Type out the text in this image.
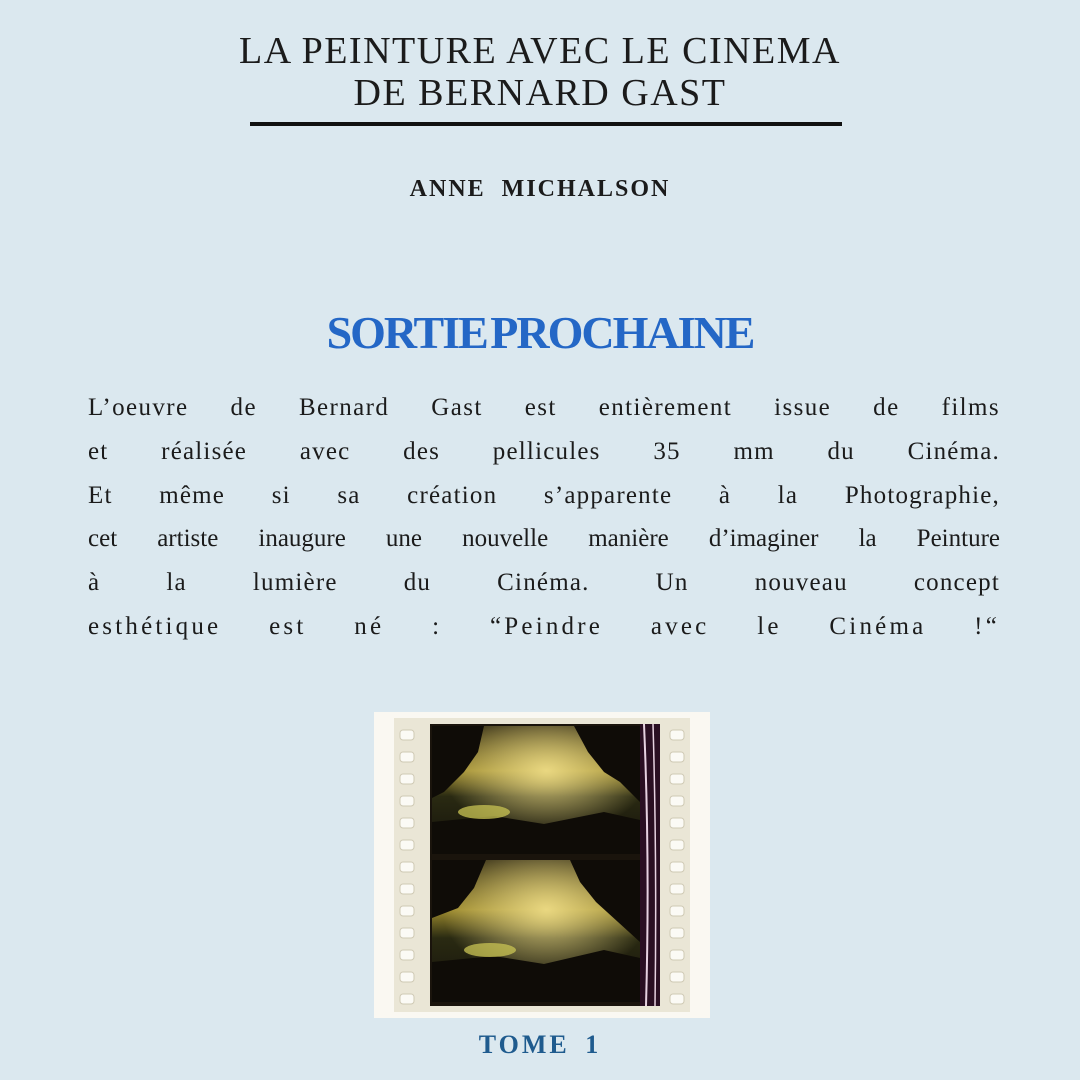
LA PEINTURE AVEC LE CINEMA
DE BERNARD GAST
ANNE MICHALSON
SORTIE PROCHAINE
L’oeuvre de Bernard Gast est entièrement issue de films
et réalisée avec des pellicules 35 mm du Cinéma.
Et même si sa création s’apparente à la Photographie,
cet artiste inaugure une nouvelle manière d’imaginer la Peinture
à la lumière du Cinéma. Un nouveau concept
esthétique est né : “Peindre avec le Cinéma !“
TOME 1
